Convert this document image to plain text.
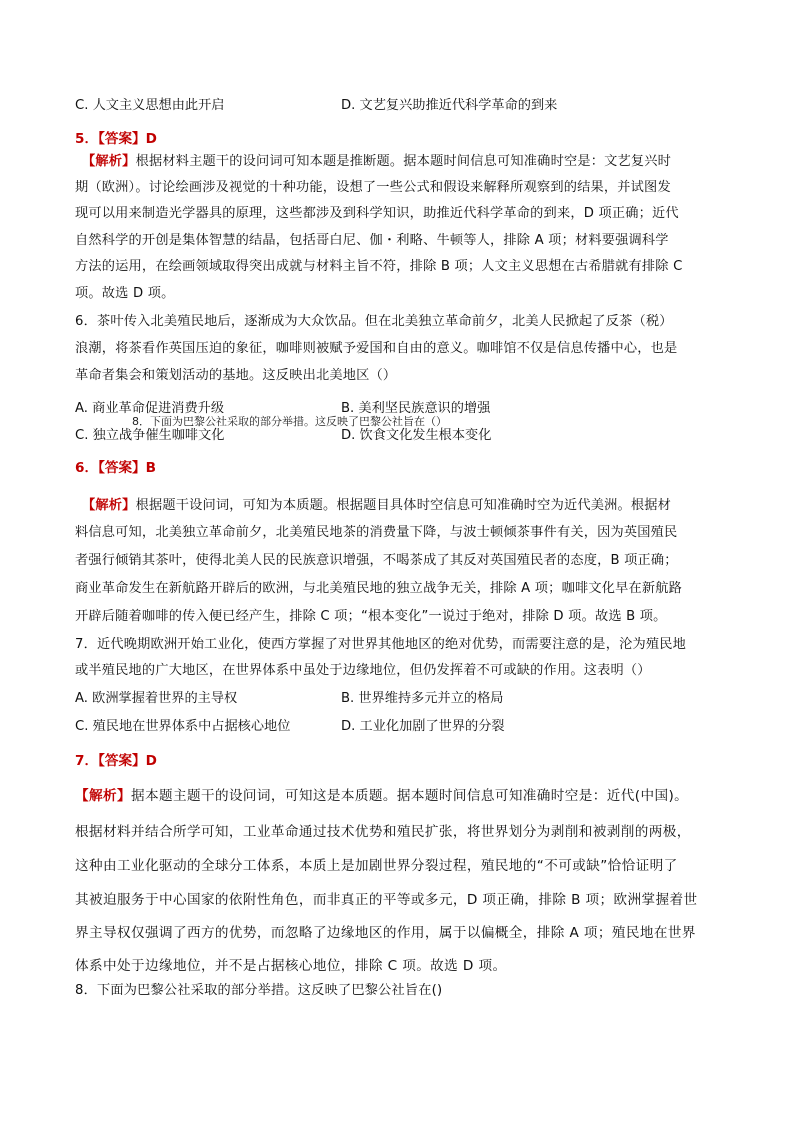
C. 人文主义思想由此开启	D. 文艺复兴助推近代科学革命的到来
5．【答案】D
【解析】根据材料主题干的设问词可知本题是推断题。据本题时间信息可知准确时空是：文艺复兴时
期（欧洲）。讨论绘画涉及视觉的十种功能，设想了一些公式和假设来解释所观察到的结果，并试图发
现可以用来制造光学器具的原理，这些都涉及到科学知识，助推近代科学革命的到来，D 项正确；近代
自然科学的开创是集体智慧的结晶，包括哥白尼、伽・利略、牛顿等人，排除 A 项；材料要强调科学
方法的运用，在绘画领域取得突出成就与材料主旨不符，排除 B 项；人文主义思想在古希腊就有排除 C
项。故选 D 项。
6．茶叶传入北美殖民地后，逐渐成为大众饮品。但在北美独立革命前夕，北美人民掀起了反茶（税）
浪潮，将茶看作英国压迫的象征，咖啡则被赋予爱国和自由的意义。咖啡馆不仅是信息传播中心，也是
革命者集会和策划活动的基地。这反映出北美地区（）
A. 商业革命促进消费升级	B. 美利坚民族意识的增强
8．下面为巴黎公社采取的部分举措。这反映了巴黎公社旨在（）
C. 独立战争催生咖啡文化	D. 饮食文化发生根本变化
6．【答案】B
【解析】根据题干设问词，可知为本质题。根据题目具体时空信息可知准确时空为近代美洲。根据材
料信息可知，北美独立革命前夕，北美殖民地茶的消费量下降，与波士顿倾茶事件有关，因为英国殖民
者强行倾销其茶叶，使得北美人民的民族意识增强，不喝茶成了其反对英国殖民者的态度，B 项正确；
商业革命发生在新航路开辟后的欧洲，与北美殖民地的独立战争无关，排除 A 项；咖啡文化早在新航路
开辟后随着咖啡的传入便已经产生，排除 C 项；“根本变化”一说过于绝对，排除 D 项。故选 B 项。
7．近代晚期欧洲开始工业化，使西方掌握了对世界其他地区的绝对优势，而需要注意的是，沦为殖民地
或半殖民地的广大地区，在世界体系中虽处于边缘地位，但仍发挥着不可或缺的作用。这表明（）
A. 欧洲掌握着世界的主导权	B. 世界维持多元并立的格局
C. 殖民地在世界体系中占据核心地位	D. 工业化加剧了世界的分裂
7．【答案】D
【解析】据本题主题干的设问词，可知这是本质题。据本题时间信息可知准确时空是：近代(中国)。
根据材料并结合所学可知，工业革命通过技术优势和殖民扩张，将世界划分为剥削和被剥削的两极，
这种由工业化驱动的全球分工体系，本质上是加剧世界分裂过程，殖民地的“不可或缺”恰恰证明了
其被迫服务于中心国家的依附性角色，而非真正的平等或多元，D 项正确，排除 B 项；欧洲掌握着世
界主导权仅强调了西方的优势，而忽略了边缘地区的作用，属于以偏概全，排除 A 项；殖民地在世界
体系中处于边缘地位，并不是占据核心地位，排除 C 项。故选 D 项。
8．下面为巴黎公社采取的部分举措。这反映了巴黎公社旨在()
